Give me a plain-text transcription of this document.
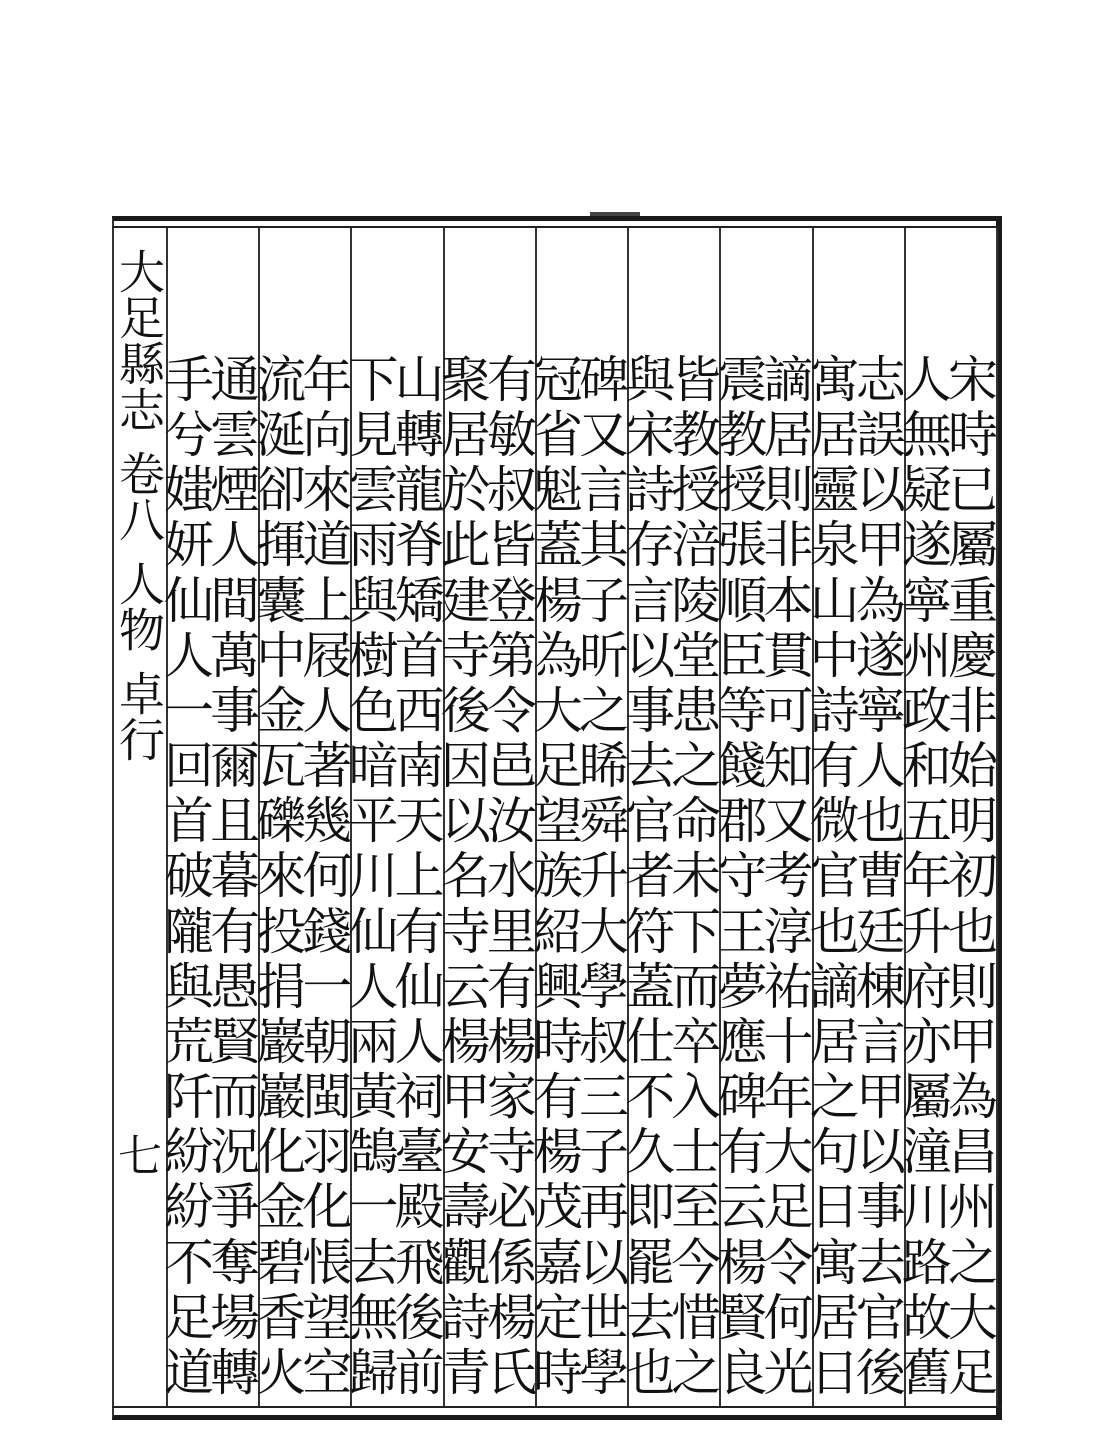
大足縣志
卷八
人物
卓行
七
宋
時
已
屬
重
慶
非
始
明
初
也
則
甲
為
昌
州
之
大
足
人
無
疑
遂
寧
州
政
和
五
年
升
府
亦
屬
潼
川
路
故
舊
志
誤
以
甲
為
遂
寧
人
也
曹
廷
棟
言
甲
以
事
去
官
後
寓
居
靈
泉
山
中
詩
有
微
官
也
謫
居
之
句
日
寓
居
日
謫
居
則
非
本
貫
可
知
又
考
淳
祐
十
年
大
足
令
何
光
震
教
授
張
順
臣
等
餞
郡
守
王
夢
應
碑
有
云
楊
賢
良
皆
教
授
涪
陵
堂
患
之
命
未
下
而
卒
入
士
至
今
惜
之
與
宋
詩
存
言
以
事
去
官
者
符
蓋
仕
不
久
即
罷
去
也
碑
又
言
其
子
昕
之
睎
舜
升
大
學
叔
三
子
再
以
世
學
冠
省
魁
蓋
楊
為
大
足
望
族
紹
興
時
有
楊
茂
嘉
定
時
有
敏
叔
皆
登
第
令
邑
汝
水
里
有
楊
家
寺
必
係
楊
氏
聚
居
於
此
建
寺
後
因
以
名
寺
云
楊
甲
安
壽
觀
詩
青
山
轉
龍
脊
矯
首
西
南
天
上
有
仙
人
祠
臺
殿
飛
後
前
下
見
雲
雨
與
樹
色
暗
平
川
仙
人
兩
黃
鵠
一
去
無
歸
年
向
來
道
上
屐
人
著
幾
何
錢
一
朝
閩
羽
化
悵
望
空
流
涎
卻
揮
囊
中
金
瓦
礫
來
投
捐
巖
巖
化
金
碧
香
火
通
雲
煙
人
間
萬
事
爾
且
暮
有
愚
賢
而
況
爭
奪
場
轉
手
兮
媸
妍
仙
人
一
回
首
破
隴
與
荒
阡
紛
紛
不
足
道
